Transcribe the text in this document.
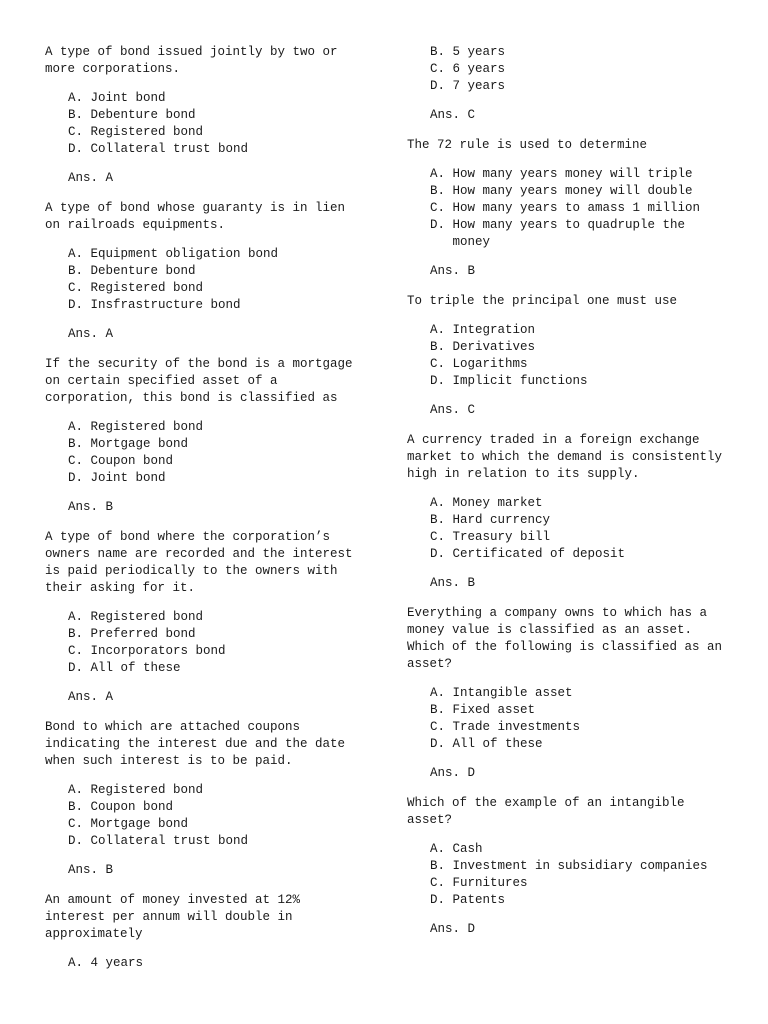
A type of bond issued jointly by two or
more corporations.

A. Joint bond
B. Debenture bond
C. Registered bond
D. Collateral trust bond

Ans. A

A type of bond whose guaranty is in lien
on railroads equipments.

A. Equipment obligation bond
B. Debenture bond
C. Registered bond
D. Insfrastructure bond

Ans. A

If the security of the bond is a mortgage
on certain specified asset of a
corporation, this bond is classified as

A. Registered bond
B. Mortgage bond
C. Coupon bond
D. Joint bond

Ans. B

A type of bond where the corporation’s
owners name are recorded and the interest
is paid periodically to the owners with
their asking for it.

A. Registered bond
B. Preferred bond
C. Incorporators bond
D. All of these

Ans. A

Bond to which are attached coupons
indicating the interest due and the date
when such interest is to be paid.

A. Registered bond
B. Coupon bond
C. Mortgage bond
D. Collateral trust bond

Ans. B

An amount of money invested at 12%
interest per annum will double in
approximately

A. 4 years
B. 5 years
C. 6 years
D. 7 years

Ans. C

The 72 rule is used to determine

A. How many years money will triple
B. How many years money will double
C. How many years to amass 1 million
D. How many years to quadruple the
money

Ans. B

To triple the principal one must use

A. Integration
B. Derivatives
C. Logarithms
D. Implicit functions

Ans. C

A currency traded in a foreign exchange
market to which the demand is consistently
high in relation to its supply.

A. Money market
B. Hard currency
C. Treasury bill
D. Certificated of deposit

Ans. B

Everything a company owns to which has a
money value is classified as an asset.
Which of the following is classified as an
asset?

A. Intangible asset
B. Fixed asset
C. Trade investments
D. All of these

Ans. D

Which of the example of an intangible
asset?

A. Cash
B. Investment in subsidiary companies
C. Furnitures
D. Patents

Ans. D
